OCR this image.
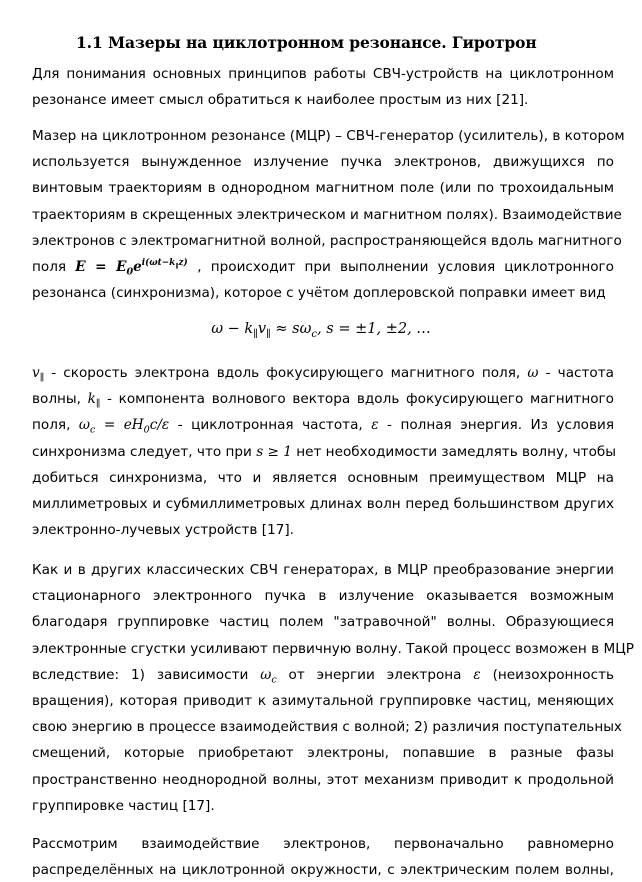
1.1 Мазеры на циклотронном резонансе. Гиротрон
Для понимания основных принципов работы СВЧ-устройств на циклотронном
резонансе имеет смысл обратиться к наиболее простым из них [21].
Мазер на циклотронном резонансе (МЦР) – СВЧ-генератор (усилитель), в котором
используется вынужденное излучение пучка электронов, движущихся по
винтовым траекториям в однородном магнитном поле (или по трохоидальным
траекториям в скрещенных электрическом и магнитном полях). Взаимодействие
электронов с электромагнитной волной, распространяющейся вдоль магнитного
поля $E = E_0e^{i(\omega t-k_\parallel z)}$ , происходит при выполнении условия циклотронного
резонанса (синхронизма), которое с учётом доплеровской поправки имеет вид
$\omega - k_\parallel v_\parallel \approx s\omega_c$, s = ±1, ±2, …
$v_\parallel$ - скорость электрона вдоль фокусирующего магнитного поля, ω - частота
волны, $k_\parallel$ - компонента волнового вектора вдоль фокусирующего магнитного
поля, $\omega_c = eH_0c/\varepsilon$ - циклотронная частота, ε - полная энергия. Из условия
синхронизма следует, что при s ≥ 1 нет необходимости замедлять волну, чтобы
добиться синхронизма, что и является основным преимуществом МЦР на
миллиметровых и субмиллиметровых длинах волн перед большинством других
электронно-лучевых устройств [17].
Как и в других классических СВЧ генераторах, в МЦР преобразование энергии
стационарного электронного пучка в излучение оказывается возможным
благодаря группировке частиц полем "затравочной" волны. Образующиеся
электронные сгустки усиливают первичную волну. Такой процесс возможен в МЦР
вследствие: 1) зависимости $\omega_c$ от энергии электрона ε (неизохронность
вращения), которая приводит к азимутальной группировке частиц, меняющих
свою энергию в процессе взаимодействия с волной; 2) различия поступательных
смещений, которые приобретают электроны, попавшие в разные фазы
пространственно неоднородной волны, этот механизм приводит к продольной
группировке частиц [17].
Рассмотрим взаимодействие электронов, первоначально равномерно
распределённых на циклотронной окружности, с электрическим полем волны,
